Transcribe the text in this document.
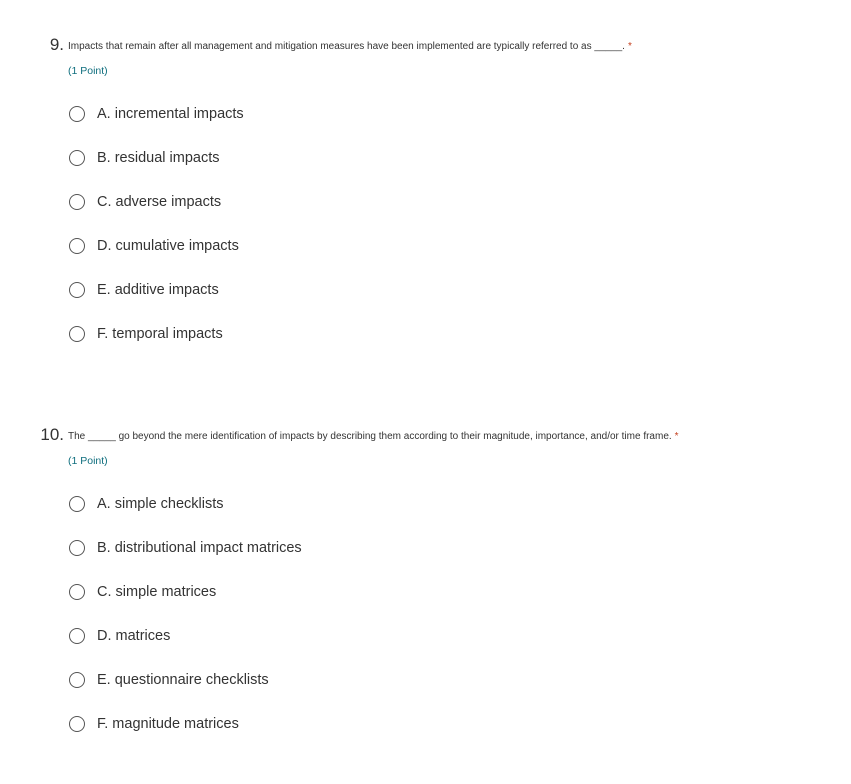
9. Impacts that remain after all management and mitigation measures have been implemented are typically referred to as _____. *
(1 Point)
A. incremental impacts
B. residual impacts
C. adverse impacts
D. cumulative impacts
E. additive impacts
F. temporal impacts
10. The _____ go beyond the mere identification of impacts by describing them according to their magnitude, importance, and/or time frame. *
(1 Point)
A. simple checklists
B. distributional impact matrices
C. simple matrices
D. matrices
E. questionnaire checklists
F. magnitude matrices
